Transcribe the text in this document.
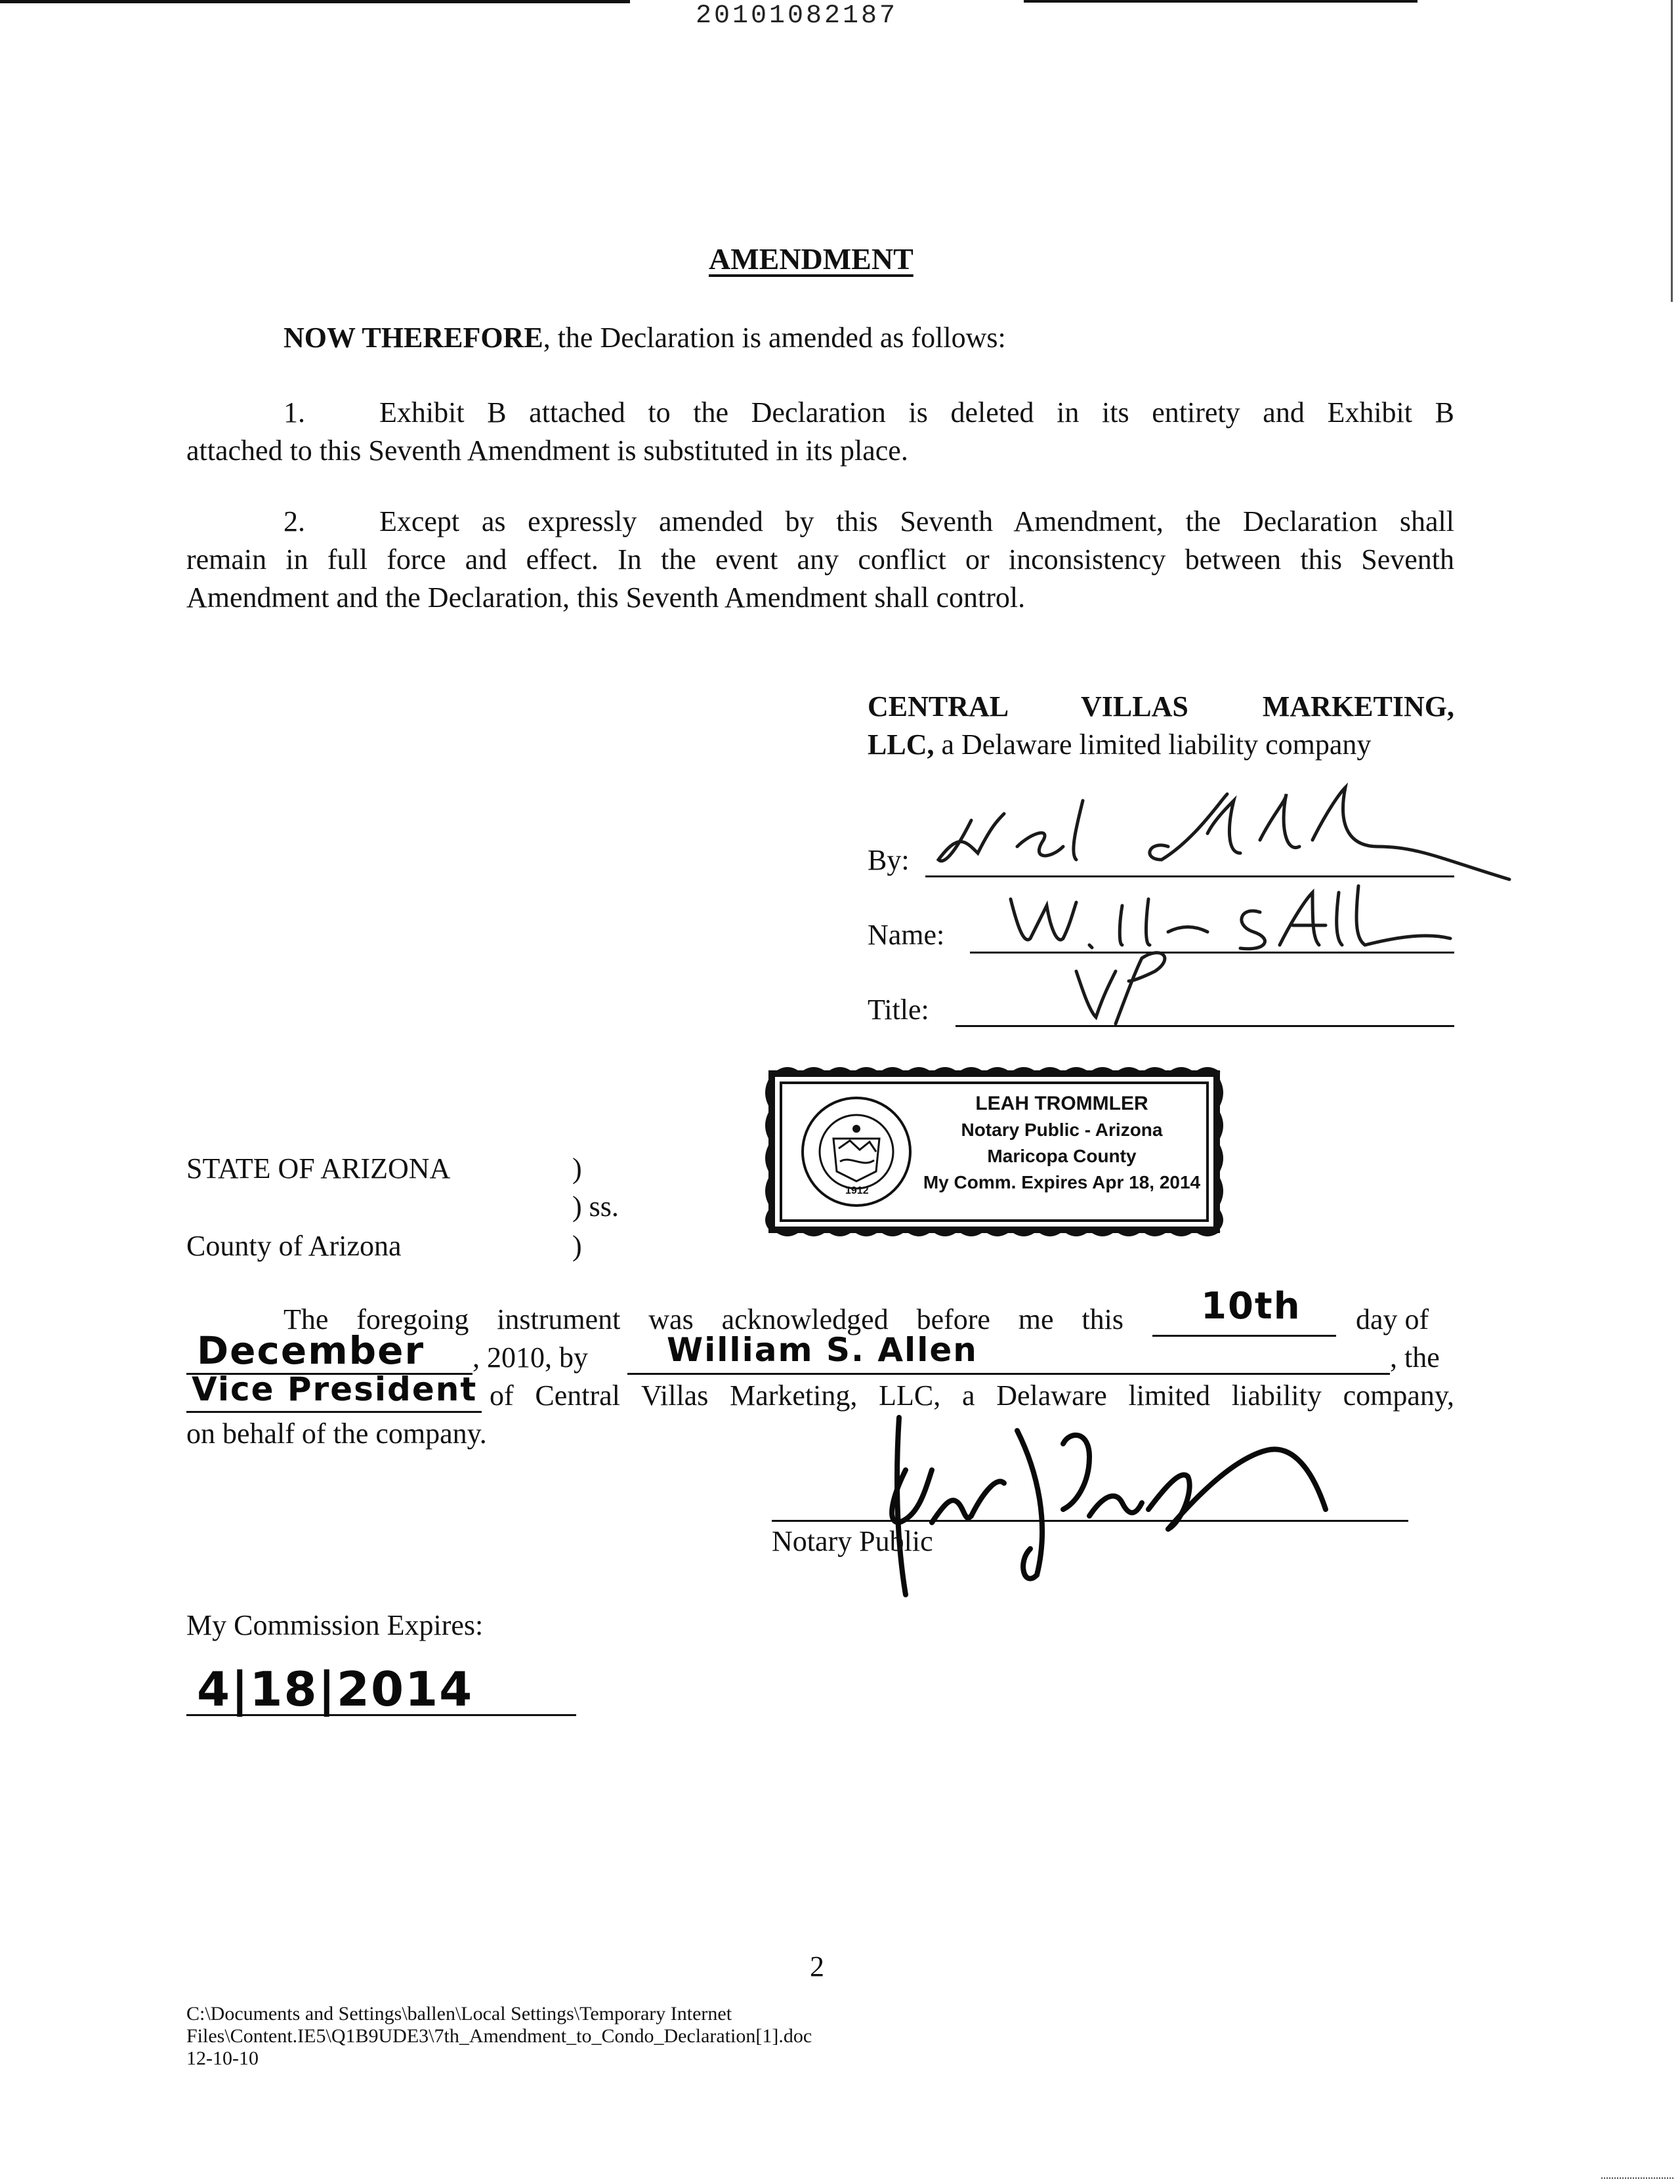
20101082187
AMENDMENT
NOW THEREFORE, the Declaration is amended as follows:
1.	Exhibit B attached to the Declaration is deleted in its entirety and Exhibit B
attached to this Seventh Amendment is substituted in its place.
2.	Except as expressly amended by this Seventh Amendment, the Declaration shall
remain in full force and effect. In the event any conflict or inconsistency between this Seventh
Amendment and the Declaration, this Seventh Amendment shall control.
CENTRAL VILLAS MARKETING,
LLC, a Delaware limited liability company
By:
Name:
Title:
1912
LEAH TROMMLER
Notary Public - Arizona
Maricopa County
My Comm. Expires Apr 18, 2014
STATE OF ARIZONA	)
) ss.
County of Arizona	)
The foregoing instrument was acknowledged before me this 10th day of
December , 2010, by William S. Allen	, the
Vice President of Central Villas Marketing, LLC, a Delaware limited liability company,
on behalf of the company.
Notary Public
My Commission Expires:
4|18|2014
2
C:\Documents and Settings\ballen\Local Settings\Temporary Internet
Files\Content.IE5\Q1B9UDE3\7th_Amendment_to_Condo_Declaration[1].doc
12-10-10
